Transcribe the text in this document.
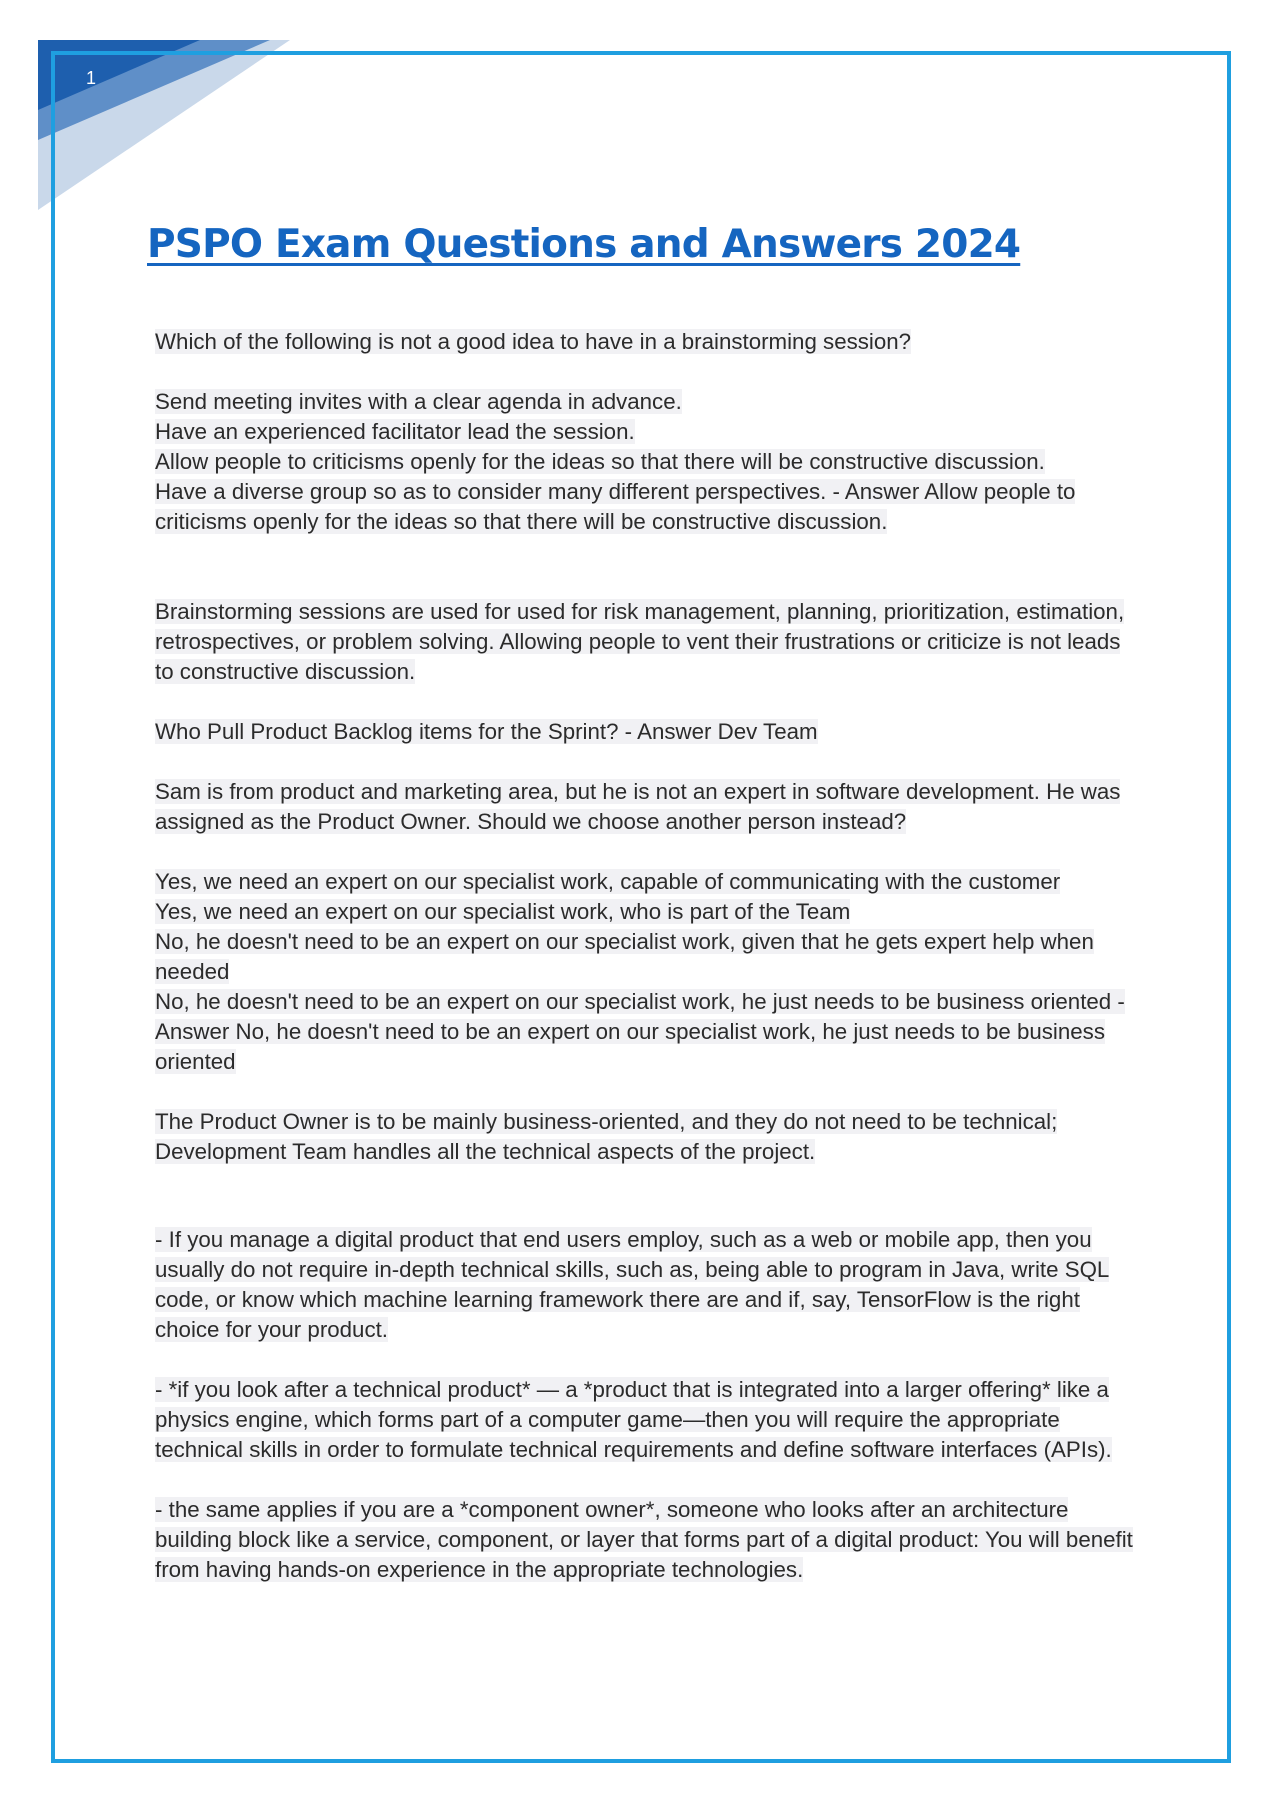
1
PSPO Exam Questions and Answers 2024

Which of the following is not a good idea to have in a brainstorming session?

Send meeting invites with a clear agenda in advance.

Have an experienced facilitator lead the session.

Allow people to criticisms openly for the ideas so that there will be constructive discussion.

Have a diverse group so as to consider many different perspectives. - Answer Allow people to criticisms openly for the ideas so that there will be constructive discussion.

Brainstorming sessions are used for used for risk management, planning, prioritization, estimation, retrospectives, or problem solving. Allowing people to vent their frustrations or criticize is not leads to constructive discussion.

Who Pull Product Backlog items for the Sprint? - Answer Dev Team

Sam is from product and marketing area, but he is not an expert in software development. He was assigned as the Product Owner. Should we choose another person instead?

Yes, we need an expert on our specialist work, capable of communicating with the customer

Yes, we need an expert on our specialist work, who is part of the Team

No, he doesn't need to be an expert on our specialist work, given that he gets expert help when needed

No, he doesn't need to be an expert on our specialist work, he just needs to be business oriented - Answer No, he doesn't need to be an expert on our specialist work, he just needs to be business oriented

The Product Owner is to be mainly business-oriented, and they do not need to be technical; Development Team handles all the technical aspects of the project.

- If you manage a digital product that end users employ, such as a web or mobile app, then you usually do not require in-depth technical skills, such as, being able to program in Java, write SQL code, or know which machine learning framework there are and if, say, TensorFlow is the right choice for your product.

- *if you look after a technical product* — a *product that is integrated into a larger offering* like a physics engine, which forms part of a computer game—then you will require the appropriate technical skills in order to formulate technical requirements and define software interfaces (APIs).

- the same applies if you are a *component owner*, someone who looks after an architecture building block like a service, component, or layer that forms part of a digital product: You will benefit from having hands-on experience in the appropriate technologies.
